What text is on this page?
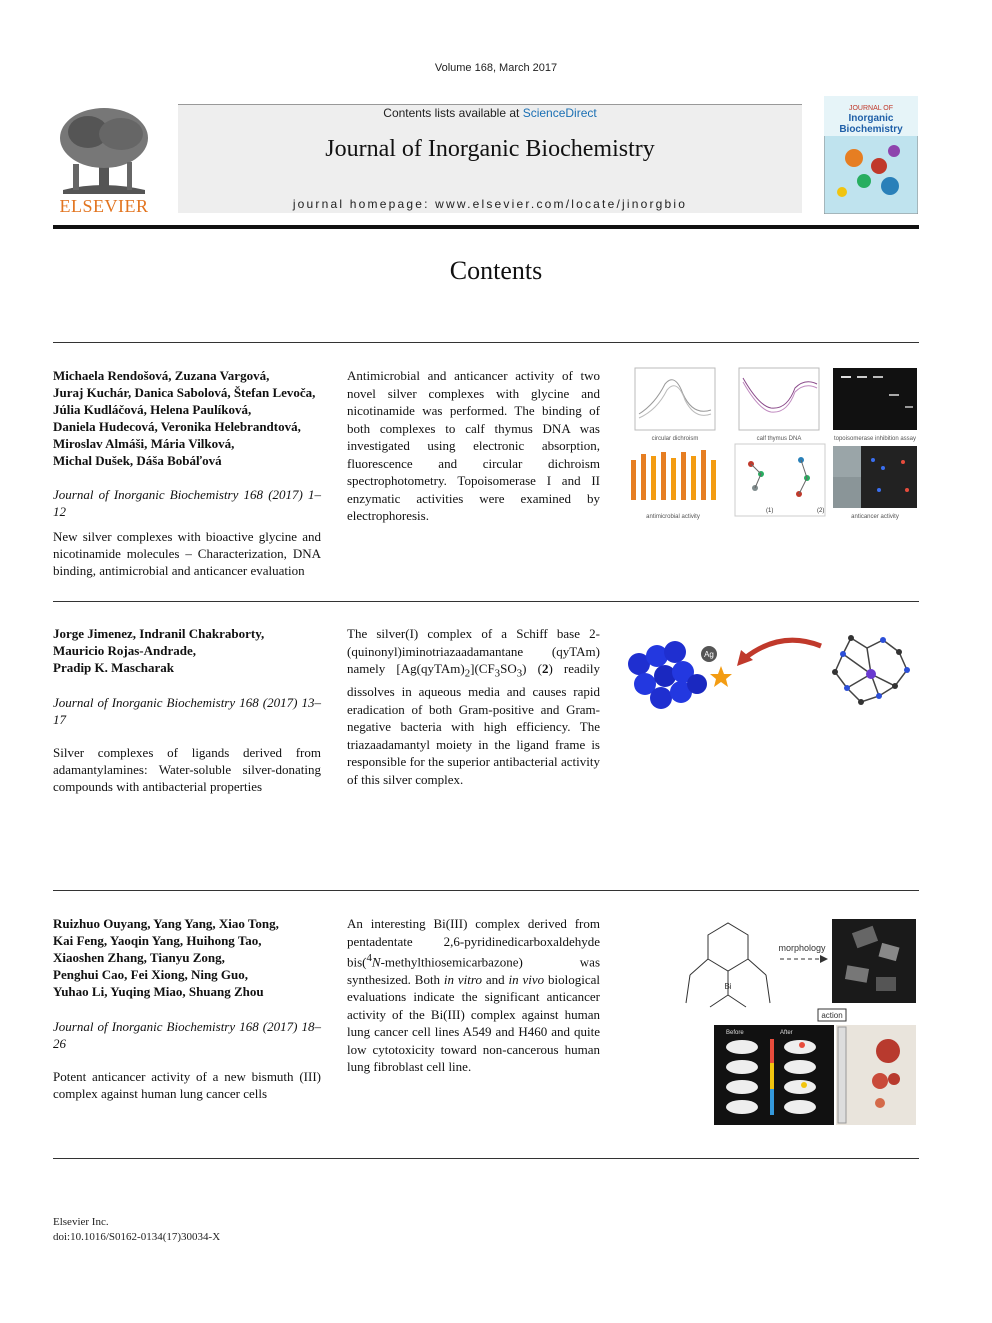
Volume 168, March 2017
ELSEVIER
Contents lists available at ScienceDirect
Journal of Inorganic Biochemistry
journal homepage: www.elsevier.com/locate/jinorgbio
JOURNAL OF
Inorganic
Biochemistry
Contents
Michaela Rendošová, Zuzana Vargová,
Juraj Kuchár, Danica Sabolová, Štefan Levoča,
Júlia Kudláčová, Helena Paulíková,
Daniela Hudecová, Veronika Helebrandtová,
Miroslav Almáši, Mária Vilková,
Michal Dušek, Dáša Bobáľová
Journal of Inorganic Biochemistry 168 (2017) 1–12
New silver complexes with bioactive glycine and nicotinamide molecules – Characterization, DNA binding, antimicrobial and anticancer evaluation
Antimicrobial and anticancer activity of two novel silver complexes with glycine and nicotinamide was performed. The binding of both complexes to calf thymus DNA was investigated using electronic absorption, fluorescence and circular dichroism spectrophotometry. Topoisomerase I and II enzymatic activities were examined by electrophoresis.
circular dichroism	calf thymus DNA	topoisomerase inhibition assay
antimicrobial activity
(1)	(2)
anticancer activity
Jorge Jimenez, Indranil Chakraborty,
Mauricio Rojas-Andrade,
Pradip K. Mascharak
Journal of Inorganic Biochemistry 168 (2017) 13–17
Silver complexes of ligands derived from adamantylamines: Water-soluble silver-donating compounds with antibacterial properties
The silver(I) complex of a Schiff base 2-(quinonyl)iminotriazaadamantane (qyTAm) namely $[Ag(qyTAm)_2](CF_3SO_3)$ (2) readily dissolves in aqueous media and causes rapid eradication of both Gram-positive and Gram-negative bacteria with high efficiency. The triazaadamantyl moiety in the ligand frame is responsible for the superior antibacterial activity of this silver complex.
Ag
Ruizhuo Ouyang, Yang Yang, Xiao Tong,
Kai Feng, Yaoqin Yang, Huihong Tao,
Xiaoshen Zhang, Tianyu Zong,
Penghui Cao, Fei Xiong, Ning Guo,
Yuhao Li, Yuqing Miao, Shuang Zhou
Journal of Inorganic Biochemistry 168 (2017) 18–26
Potent anticancer activity of a new bismuth (III) complex against human lung cancer cells
An interesting Bi(III) complex derived from pentadentate 2,6-pyridinedicarboxaldehyde bis($^4$N-methylthiosemicarbazone) was synthesized. Both in vitro and in vivo biological evaluations indicate the significant anticancer activity of the Bi(III) complex against human lung cancer cell lines A549 and H460 and quite low cytotoxicity toward non-cancerous human lung fibroblast cell line.
Bi
morphology
action
Before	After
Elsevier Inc.
doi:10.1016/S0162-0134(17)30034-X
